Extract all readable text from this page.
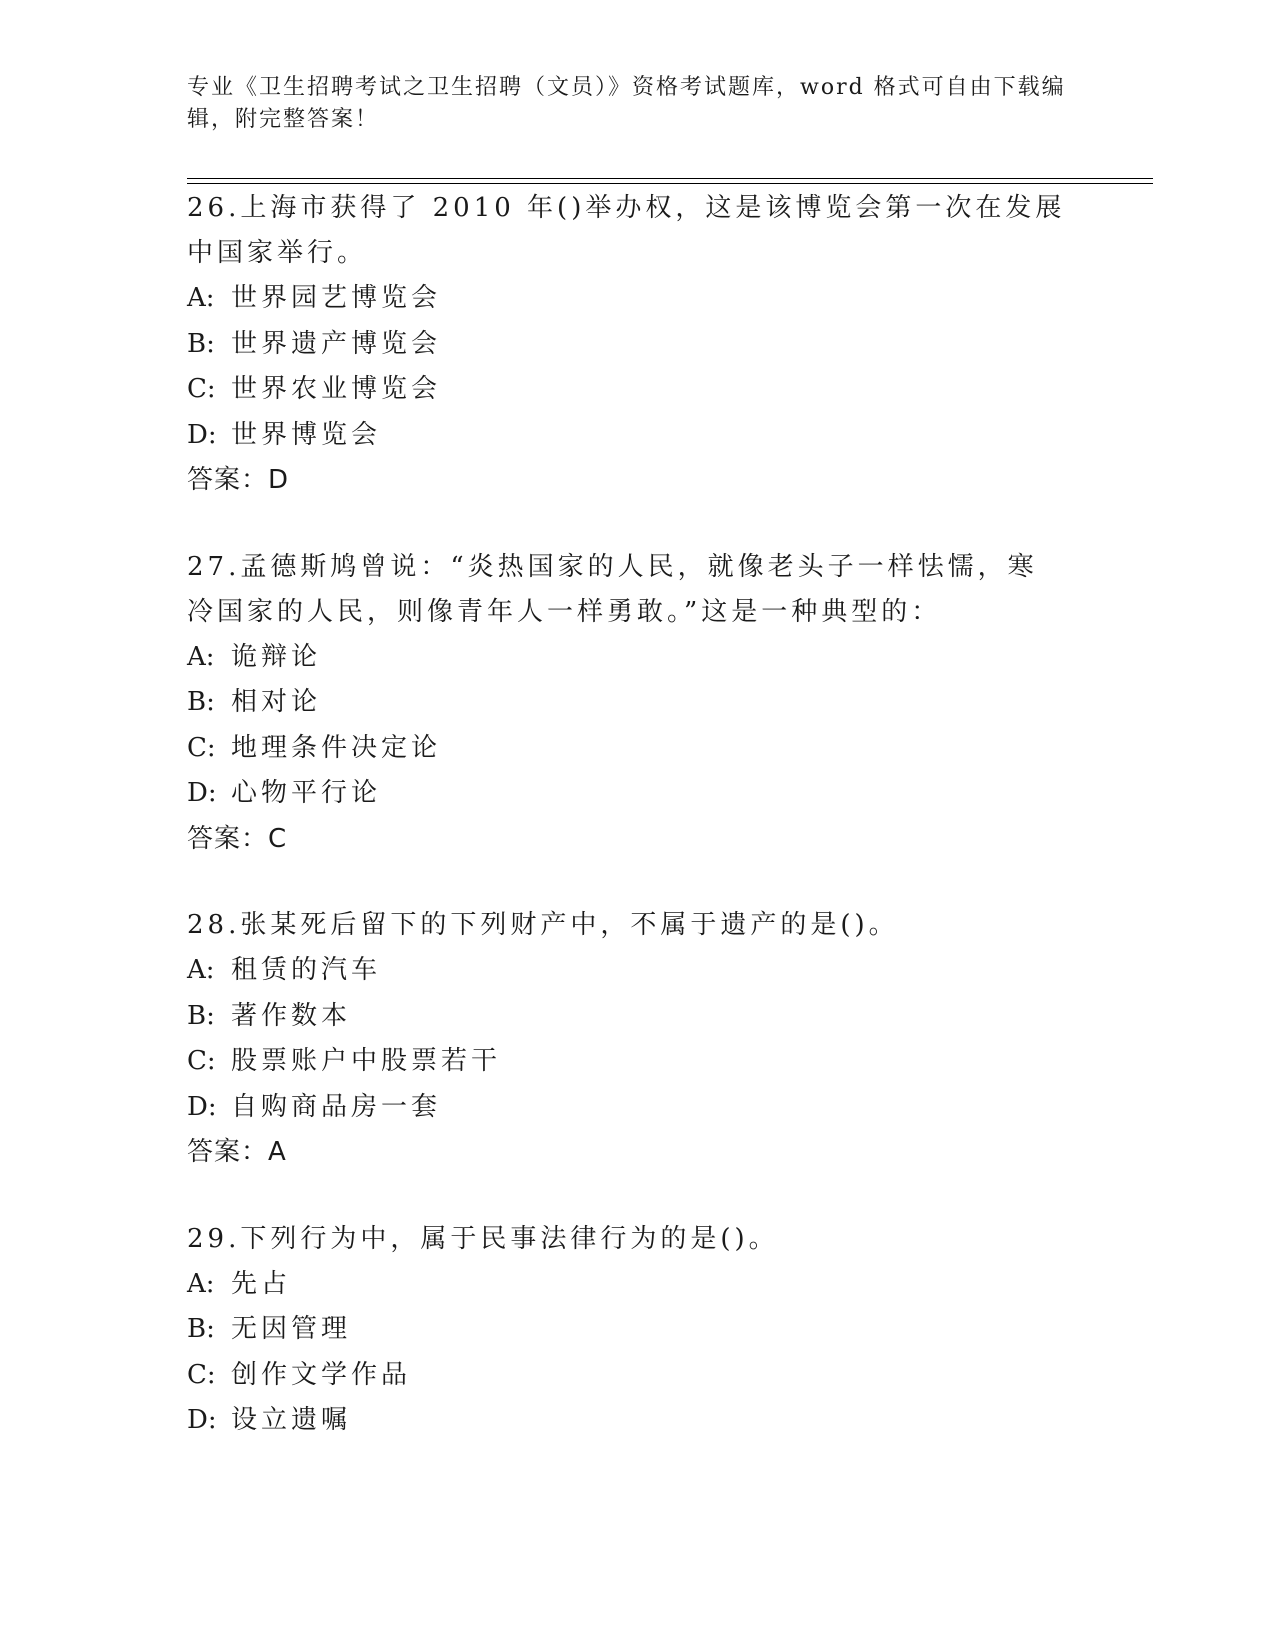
专业《卫生招聘考试之卫生招聘（文员）》资格考试题库，word 格式可自由下载编辑，附完整答案！
26.上海市获得了 2010 年()举办权，这是该博览会第一次在发展中国家举行。
A: 世界园艺博览会
B: 世界遗产博览会
C: 世界农业博览会
D: 世界博览会
答案：D
27.孟德斯鸠曾说：“炎热国家的人民，就像老头子一样怯懦，寒冷国家的人民，则像青年人一样勇敢。”这是一种典型的：
A: 诡辩论
B: 相对论
C: 地理条件决定论
D: 心物平行论
答案：C
28.张某死后留下的下列财产中，不属于遗产的是()。
A: 租赁的汽车
B: 著作数本
C: 股票账户中股票若干
D: 自购商品房一套
答案：A
29.下列行为中，属于民事法律行为的是()。
A: 先占
B: 无因管理
C: 创作文学作品
D: 设立遗嘱
